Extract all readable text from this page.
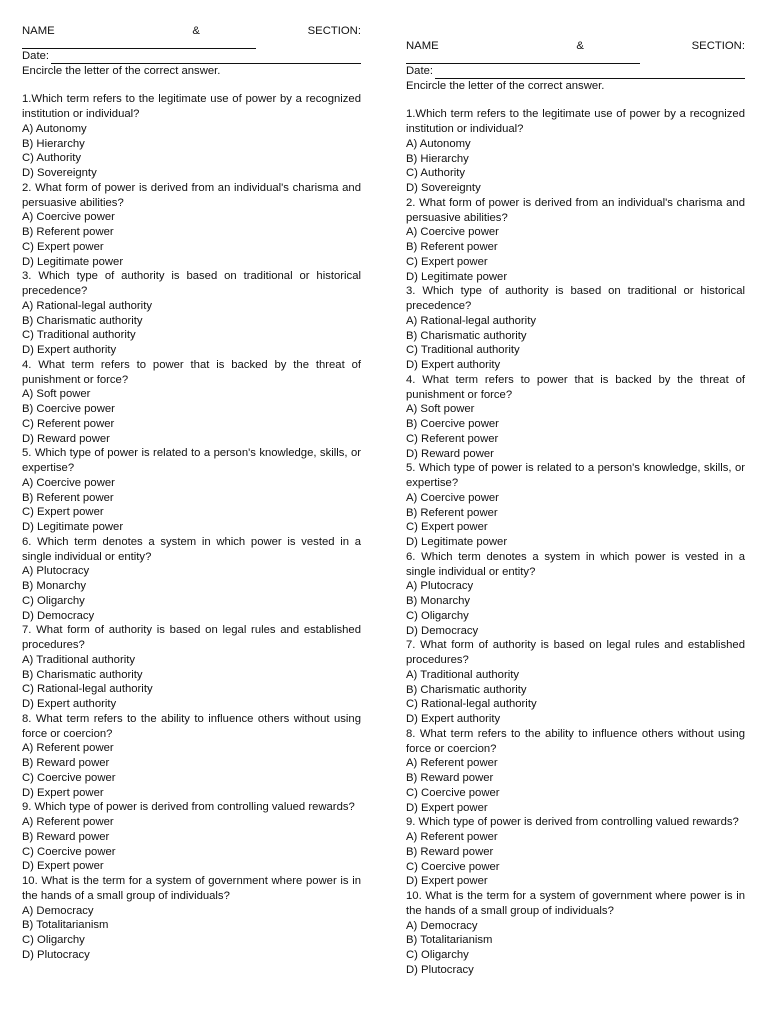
NAME	&	SECTION:
Date:
Encircle the letter of the correct answer.
1.Which term refers to the legitimate use of power by a recognized institution or individual?
A) Autonomy
B) Hierarchy
C) Authority
D) Sovereignty
2. What form of power is derived from an individual's charisma and persuasive abilities?
A) Coercive power
B) Referent power
C) Expert power
D) Legitimate power
3. Which type of authority is based on traditional or historical precedence?
A) Rational-legal authority
B) Charismatic authority
C) Traditional authority
D) Expert authority
4. What term refers to power that is backed by the threat of punishment or force?
A) Soft power
B) Coercive power
C) Referent power
D) Reward power
5. Which type of power is related to a person's knowledge, skills, or expertise?
A) Coercive power
B) Referent power
C) Expert power
D) Legitimate power
6. Which term denotes a system in which power is vested in a single individual or entity?
A) Plutocracy
B) Monarchy
C) Oligarchy
D) Democracy
7. What form of authority is based on legal rules and established procedures?
A) Traditional authority
B) Charismatic authority
C) Rational-legal authority
D) Expert authority
8. What term refers to the ability to influence others without using force or coercion?
A) Referent power
B) Reward power
C) Coercive power
D) Expert power
9. Which type of power is derived from controlling valued rewards?
A) Referent power
B) Reward power
C) Coercive power
D) Expert power
10. What is the term for a system of government where power is in the hands of a small group of individuals?
A) Democracy
B) Totalitarianism
C) Oligarchy
D) Plutocracy
NAME	&	SECTION:
Date:
Encircle the letter of the correct answer.
1.Which term refers to the legitimate use of power by a recognized institution or individual?
A) Autonomy
B) Hierarchy
C) Authority
D) Sovereignty
2. What form of power is derived from an individual's charisma and persuasive abilities?
A) Coercive power
B) Referent power
C) Expert power
D) Legitimate power
3. Which type of authority is based on traditional or historical precedence?
A) Rational-legal authority
B) Charismatic authority
C) Traditional authority
D) Expert authority
4. What term refers to power that is backed by the threat of punishment or force?
A) Soft power
B) Coercive power
C) Referent power
D) Reward power
5. Which type of power is related to a person's knowledge, skills, or expertise?
A) Coercive power
B) Referent power
C) Expert power
D) Legitimate power
6. Which term denotes a system in which power is vested in a single individual or entity?
A) Plutocracy
B) Monarchy
C) Oligarchy
D) Democracy
7. What form of authority is based on legal rules and established procedures?
A) Traditional authority
B) Charismatic authority
C) Rational-legal authority
D) Expert authority
8. What term refers to the ability to influence others without using force or coercion?
A) Referent power
B) Reward power
C) Coercive power
D) Expert power
9. Which type of power is derived from controlling valued rewards?
A) Referent power
B) Reward power
C) Coercive power
D) Expert power
10. What is the term for a system of government where power is in the hands of a small group of individuals?
A) Democracy
B) Totalitarianism
C) Oligarchy
D) Plutocracy
